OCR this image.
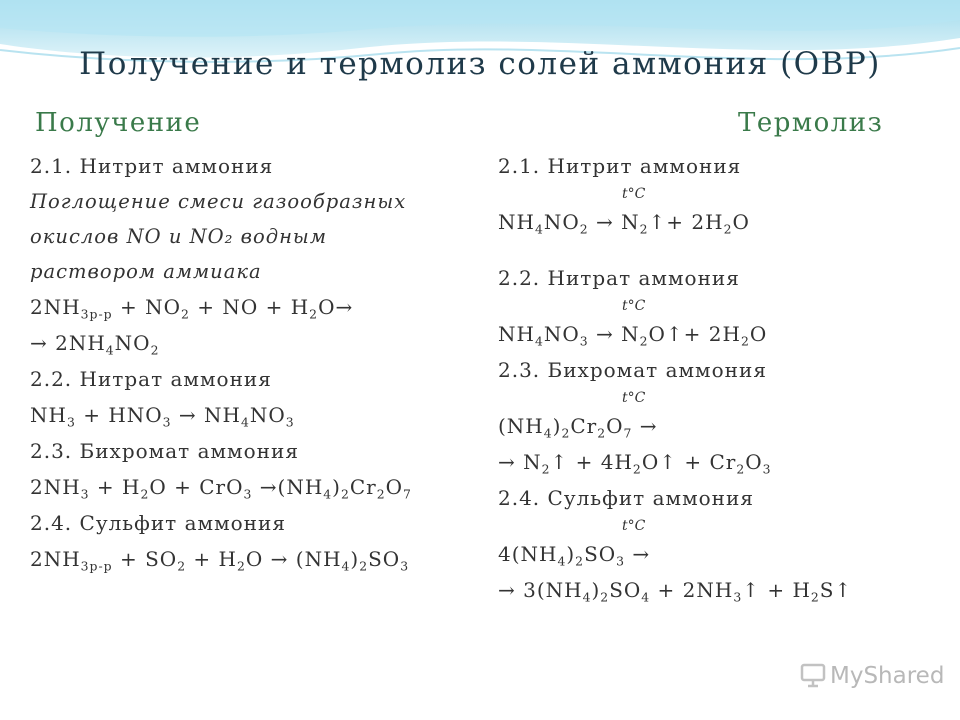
Получение и термолиз солей аммония (ОВР)
Получение	Термолиз
2.1. Нитрит аммония
Поглощение смеси газообразных
окислов NO и NO₂ водным
раствором аммиака
$2NH_{3р-р} + NO_2$ + NO + $H_2O\to$
→ $2NH_4NO_2$
2.2. Нитрат аммония
$NH_3 + HNO_3 \to NH_4NO_3$
2.3. Бихромат аммония
$2NH_3 + H_2O + CrO_3 \to(NH_4)_2Cr_2O_7$
2.4. Сульфит аммония
$2NH_{3р-р} + SO_2 + H_2O \to (NH_4)_2SO_3$
2.1. Нитрит аммония
t°C
$NH_4NO_2$ → $N_2↑+ 2H_2O$
2.2. Нитрат аммония
t°C
$NH_4NO_3$ → $N_2O↑+ 2H_2O$
2.3. Бихромат аммония
t°C
$(NH_4)_2Cr_2O_7$ →
→ $N_2↑$ + $4H_2O↑ + Cr_2O_3$
2.4. Сульфит аммония
t°C
$4(NH_4)_2SO_3$ →
→ $3(NH_4)_2SO_4$ + $2NH_3↑$ + $H_2S↑$
MyShared
